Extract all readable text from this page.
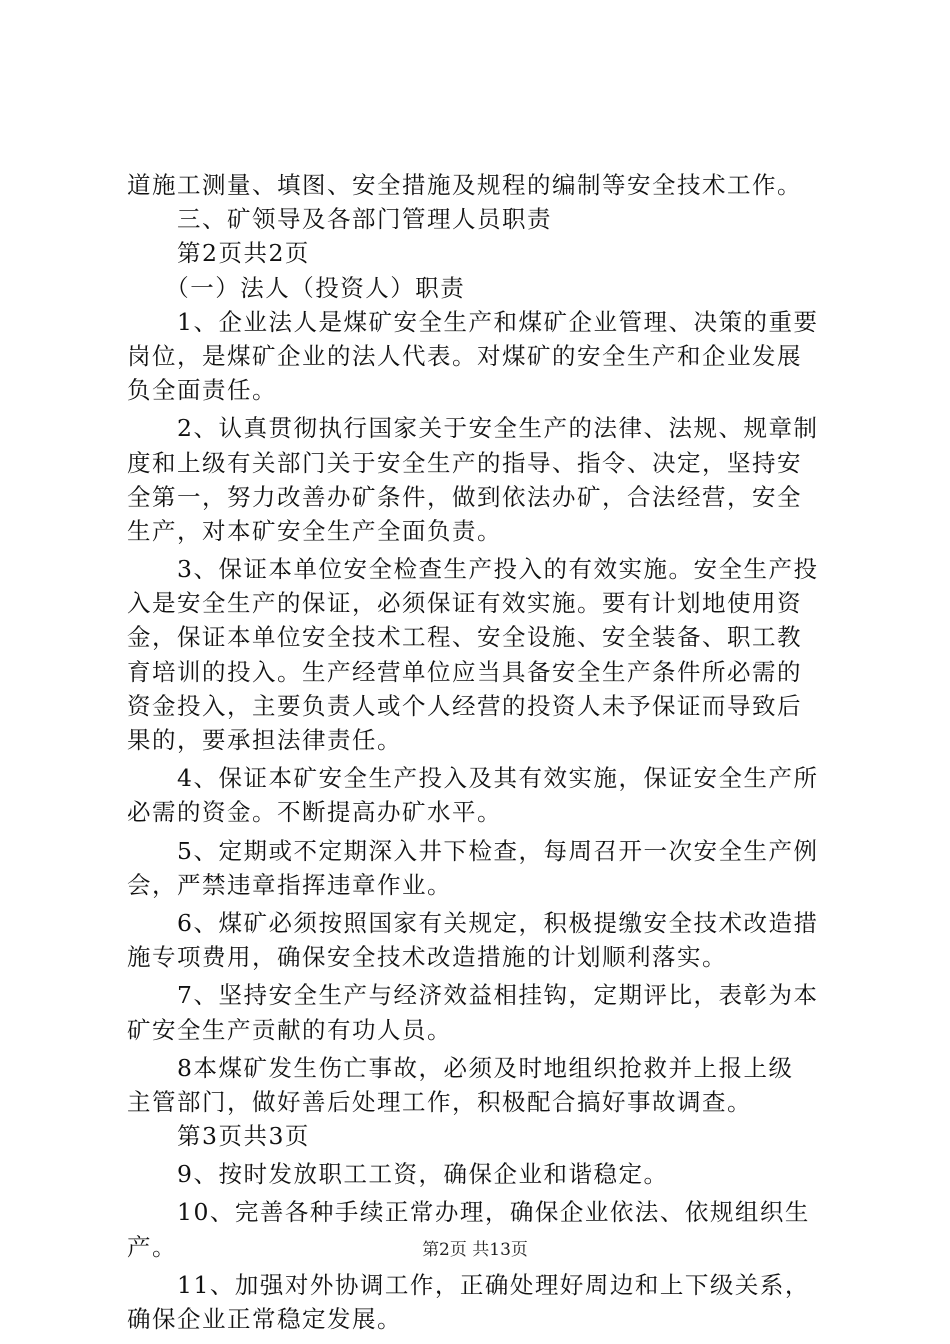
道施工测量、填图、安全措施及规程的编制等安全技术工作。

　　三、矿领导及各部门管理人员职责

　　第2页共2页

　　（一）法人（投资人）职责

　　1、企业法人是煤矿安全生产和煤矿企业管理、决策的重要

岗位，是煤矿企业的法人代表。对煤矿的安全生产和企业发展

负全面责任。

　　2、认真贯彻执行国家关于安全生产的法律、法规、规章制

度和上级有关部门关于安全生产的指导、指令、决定，坚持安

全第一，努力改善办矿条件，做到依法办矿，合法经营，安全

生产，对本矿安全生产全面负责。

　　3、保证本单位安全检查生产投入的有效实施。安全生产投

入是安全生产的保证，必须保证有效实施。要有计划地使用资

金，保证本单位安全技术工程、安全设施、安全装备、职工教

育培训的投入。生产经营单位应当具备安全生产条件所必需的

资金投入，主要负责人或个人经营的投资人未予保证而导致后

果的，要承担法律责任。

　　4、保证本矿安全生产投入及其有效实施，保证安全生产所

必需的资金。不断提高办矿水平。

　　5、定期或不定期深入井下检查，每周召开一次安全生产例

会，严禁违章指挥违章作业。

　　6、煤矿必须按照国家有关规定，积极提缴安全技术改造措

施专项费用，确保安全技术改造措施的计划顺利落实。

　　7、坚持安全生产与经济效益相挂钩，定期评比，表彰为本

矿安全生产贡献的有功人员。

　　8本煤矿发生伤亡事故，必须及时地组织抢救并上报上级

主管部门，做好善后处理工作，积极配合搞好事故调查。

　　第3页共3页

　　9、按时发放职工工资，确保企业和谐稳定。

　　10、完善各种手续正常办理，确保企业依法、依规组织生

产。

　　11、加强对外协调工作，正确处理好周边和上下级关系，

确保企业正常稳定发展。

第2页 共13页
